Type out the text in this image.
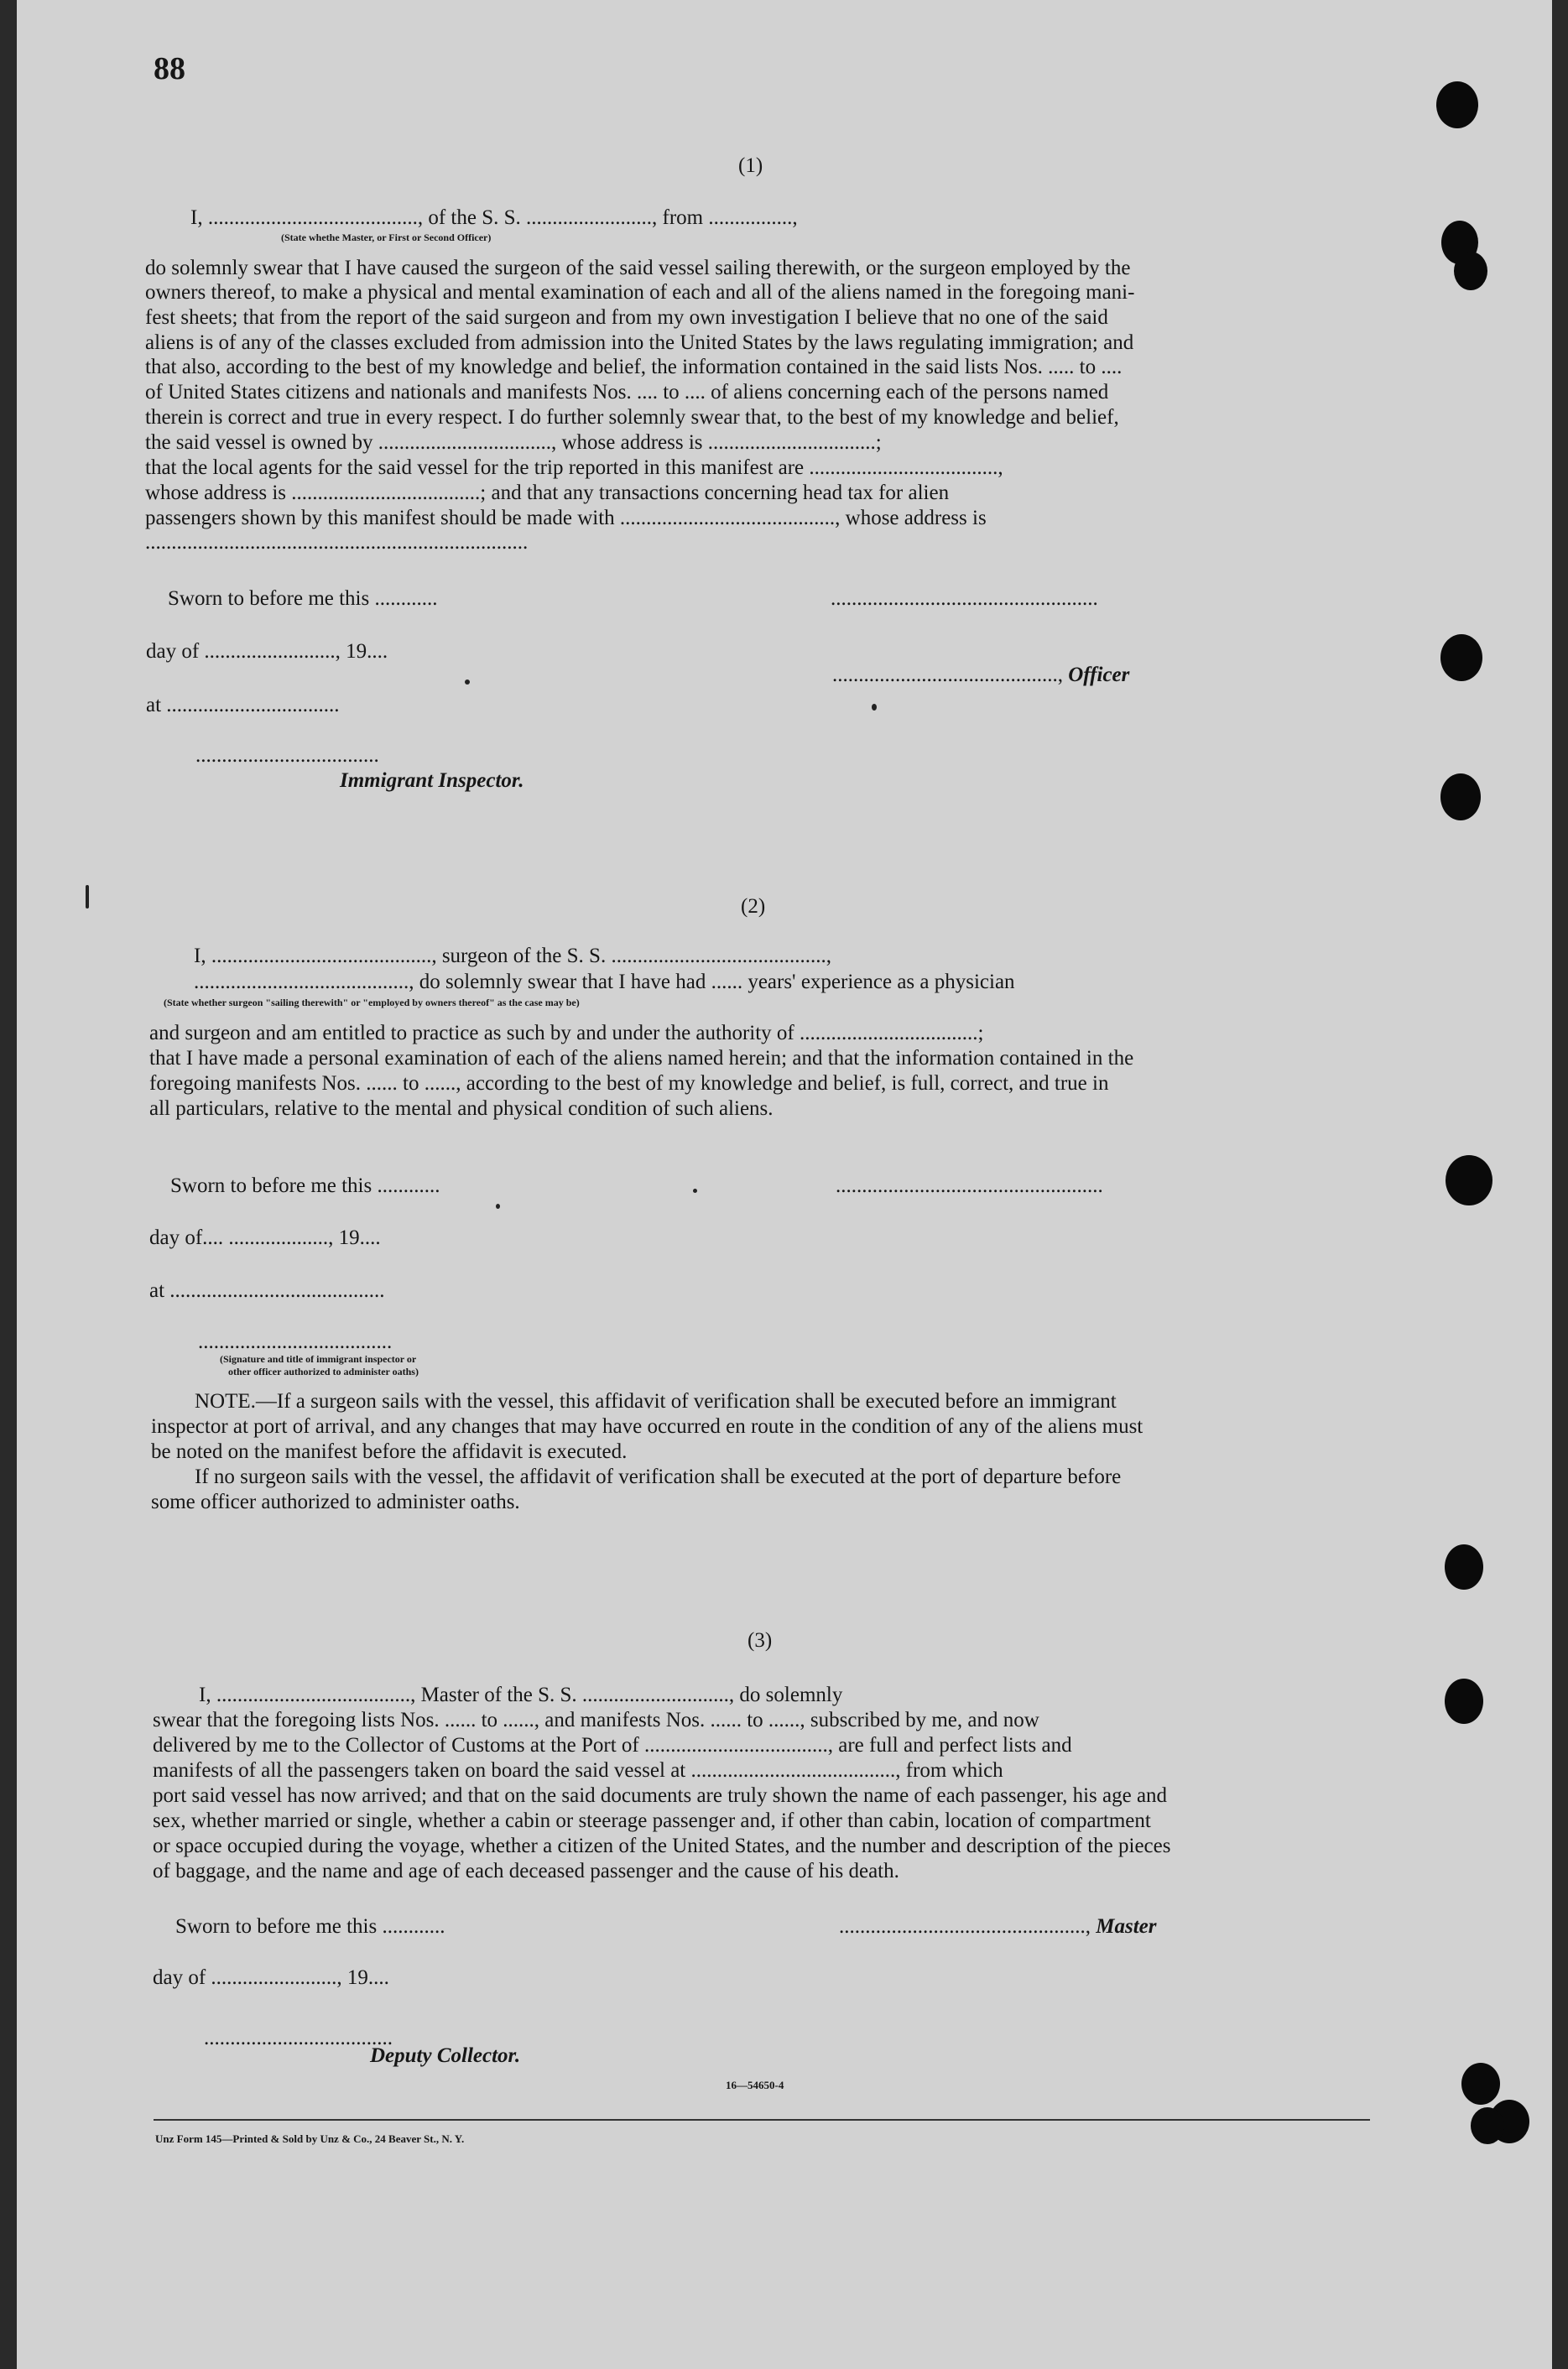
88
(1)
I, ........................................, of the S. S. ........................, from ................,
(State whethe Master, or First or Second Officer)
do solemnly swear that I have caused the surgeon of the said vessel sailing therewith, or the surgeon employed by the
owners thereof, to make a physical and mental examination of each and all of the aliens named in the foregoing mani-
fest sheets; that from the report of the said surgeon and from my own investigation I believe that no one of the said
aliens is of any of the classes excluded from admission into the United States by the laws regulating immigration; and
that also, according to the best of my knowledge and belief, the information contained in the said lists Nos. ..... to ....
of United States citizens and nationals and manifests Nos. .... to .... of aliens concerning each of the persons named
therein is correct and true in every respect. I do further solemnly swear that, to the best of my knowledge and belief,
the said vessel is owned by ................................., whose address is ................................;
that the local agents for the said vessel for the trip reported in this manifest are ....................................,
whose address is ....................................; and that any transactions concerning head tax for alien
passengers shown by this manifest should be made with ........................................., whose address is
.........................................................................
Sworn to before me this ............	...................................................
day of ........................., 19....
..........................................., Officer
at .................................
...................................
Immigrant Inspector.
(2)
I, .........................................., surgeon of the S. S. .........................................,
........................................., do solemnly swear that I have had ...... years' experience as a physician
(State whether surgeon "sailing therewith" or "employed by owners thereof" as the case may be)
and surgeon and am entitled to practice as such by and under the authority of ..................................;
that I have made a personal examination of each of the aliens named herein; and that the information contained in the
foregoing manifests Nos. ...... to ......, according to the best of my knowledge and belief, is full, correct, and true in
all particulars, relative to the mental and physical condition of such aliens.
Sworn to before me this ............	...................................................
day of.... ..................., 19....
at .........................................
.....................................
(Signature and title of immigrant inspector or
other officer authorized to administer oaths)
NOTE.—If a surgeon sails with the vessel, this affidavit of verification shall be executed before an immigrant
inspector at port of arrival, and any changes that may have occurred en route in the condition of any of the aliens must
be noted on the manifest before the affidavit is executed.
If no surgeon sails with the vessel, the affidavit of verification shall be executed at the port of departure before
some officer authorized to administer oaths.
(3)
I, ....................................., Master of the S. S. ............................, do solemnly
swear that the foregoing lists Nos. ...... to ......, and manifests Nos. ...... to ......, subscribed by me, and now
delivered by me to the Collector of Customs at the Port of ..................................., are full and perfect lists and
manifests of all the passengers taken on board the said vessel at ......................................., from which
port said vessel has now arrived; and that on the said documents are truly shown the name of each passenger, his age and
sex, whether married or single, whether a cabin or steerage passenger and, if other than cabin, location of compartment
or space occupied during the voyage, whether a citizen of the United States, and the number and description of the pieces
of baggage, and the name and age of each deceased passenger and the cause of his death.
Sworn to before me this ............	..............................................., Master
day of ........................, 19....
....................................
Deputy Collector.
16—54650-4
Unz Form 145—Printed & Sold by Unz & Co., 24 Beaver St., N. Y.
